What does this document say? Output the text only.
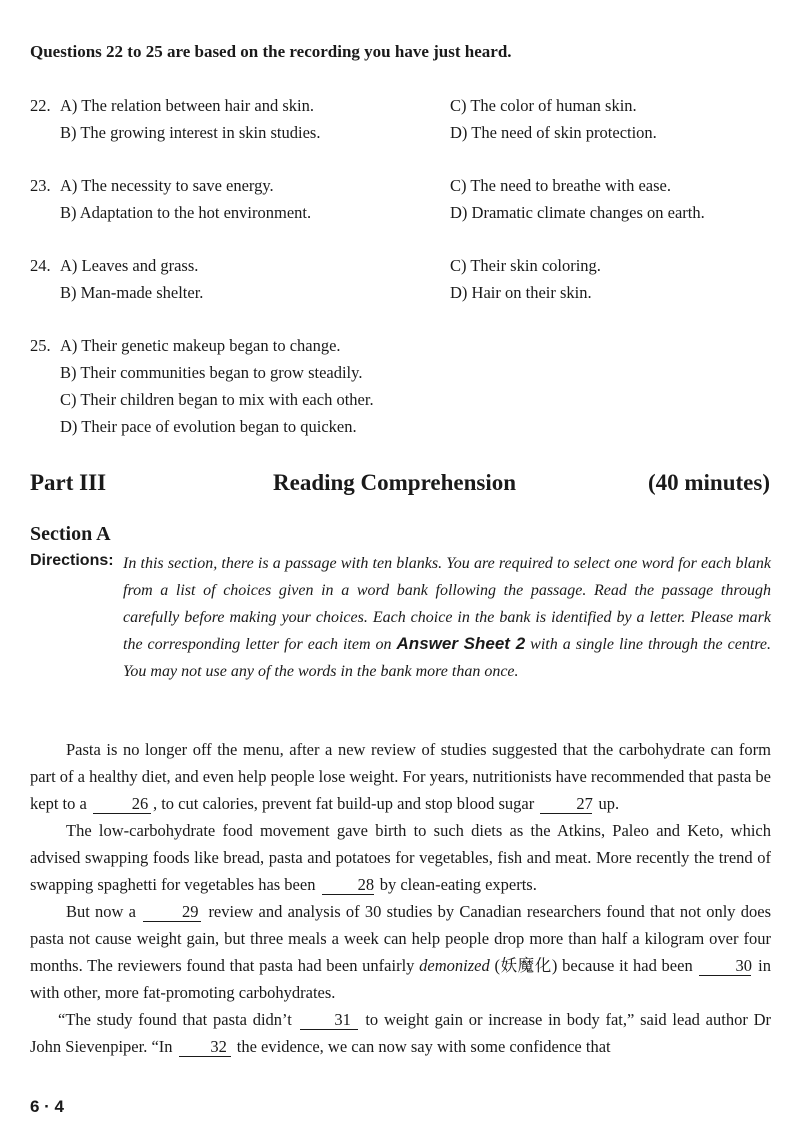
Questions 22 to 25 are based on the recording you have just heard.
22. A) The relation between hair and skin.
B) The growing interest in skin studies.
C) The color of human skin.
D) The need of skin protection.
23. A) The necessity to save energy.
B) Adaptation to the hot environment.
C) The need to breathe with ease.
D) Dramatic climate changes on earth.
24. A) Leaves and grass.
B) Man-made shelter.
C) Their skin coloring.
D) Hair on their skin.
25. A) Their genetic makeup began to change.
B) Their communities began to grow steadily.
C) Their children began to mix with each other.
D) Their pace of evolution began to quicken.
Part III	Reading Comprehension	(40 minutes)
Section A
Directions: In this section, there is a passage with ten blanks. You are required to select one word for each blank from a list of choices given in a word bank following the passage. Read the passage through carefully before making your choices. Each choice in the bank is identified by a letter. Please mark the corresponding letter for each item on Answer Sheet 2 with a single line through the centre. You may not use any of the words in the bank more than once.

Pasta is no longer off the menu, after a new review of studies suggested that the carbohydrate can form part of a healthy diet, and even help people lose weight. For years, nutritionists have recommended that pasta be kept to a	26 , to cut calories, prevent fat build-up and stop blood sugar	27 up.

The low-carbohydrate food movement gave birth to such diets as the Atkins, Paleo and Keto, which advised swapping foods like bread, pasta and potatoes for vegetables, fish and meat. More recently the trend of swapping spaghetti for vegetables has been	28 by clean-eating experts.

But now a	29 review and analysis of 30 studies by Canadian researchers found that not only does pasta not cause weight gain, but three meals a week can help people drop more than half a kilogram over four months. The reviewers found that pasta had been unfairly demonized (妖魔化) because it had been	30 in with other, more fat-promoting carbohydrates.

“The study found that pasta didn’t	31 to weight gain or increase in body fat,” said lead author Dr John Sievenpiper. “In 32 the evidence, we can now say with some confidence that

6 · 4
